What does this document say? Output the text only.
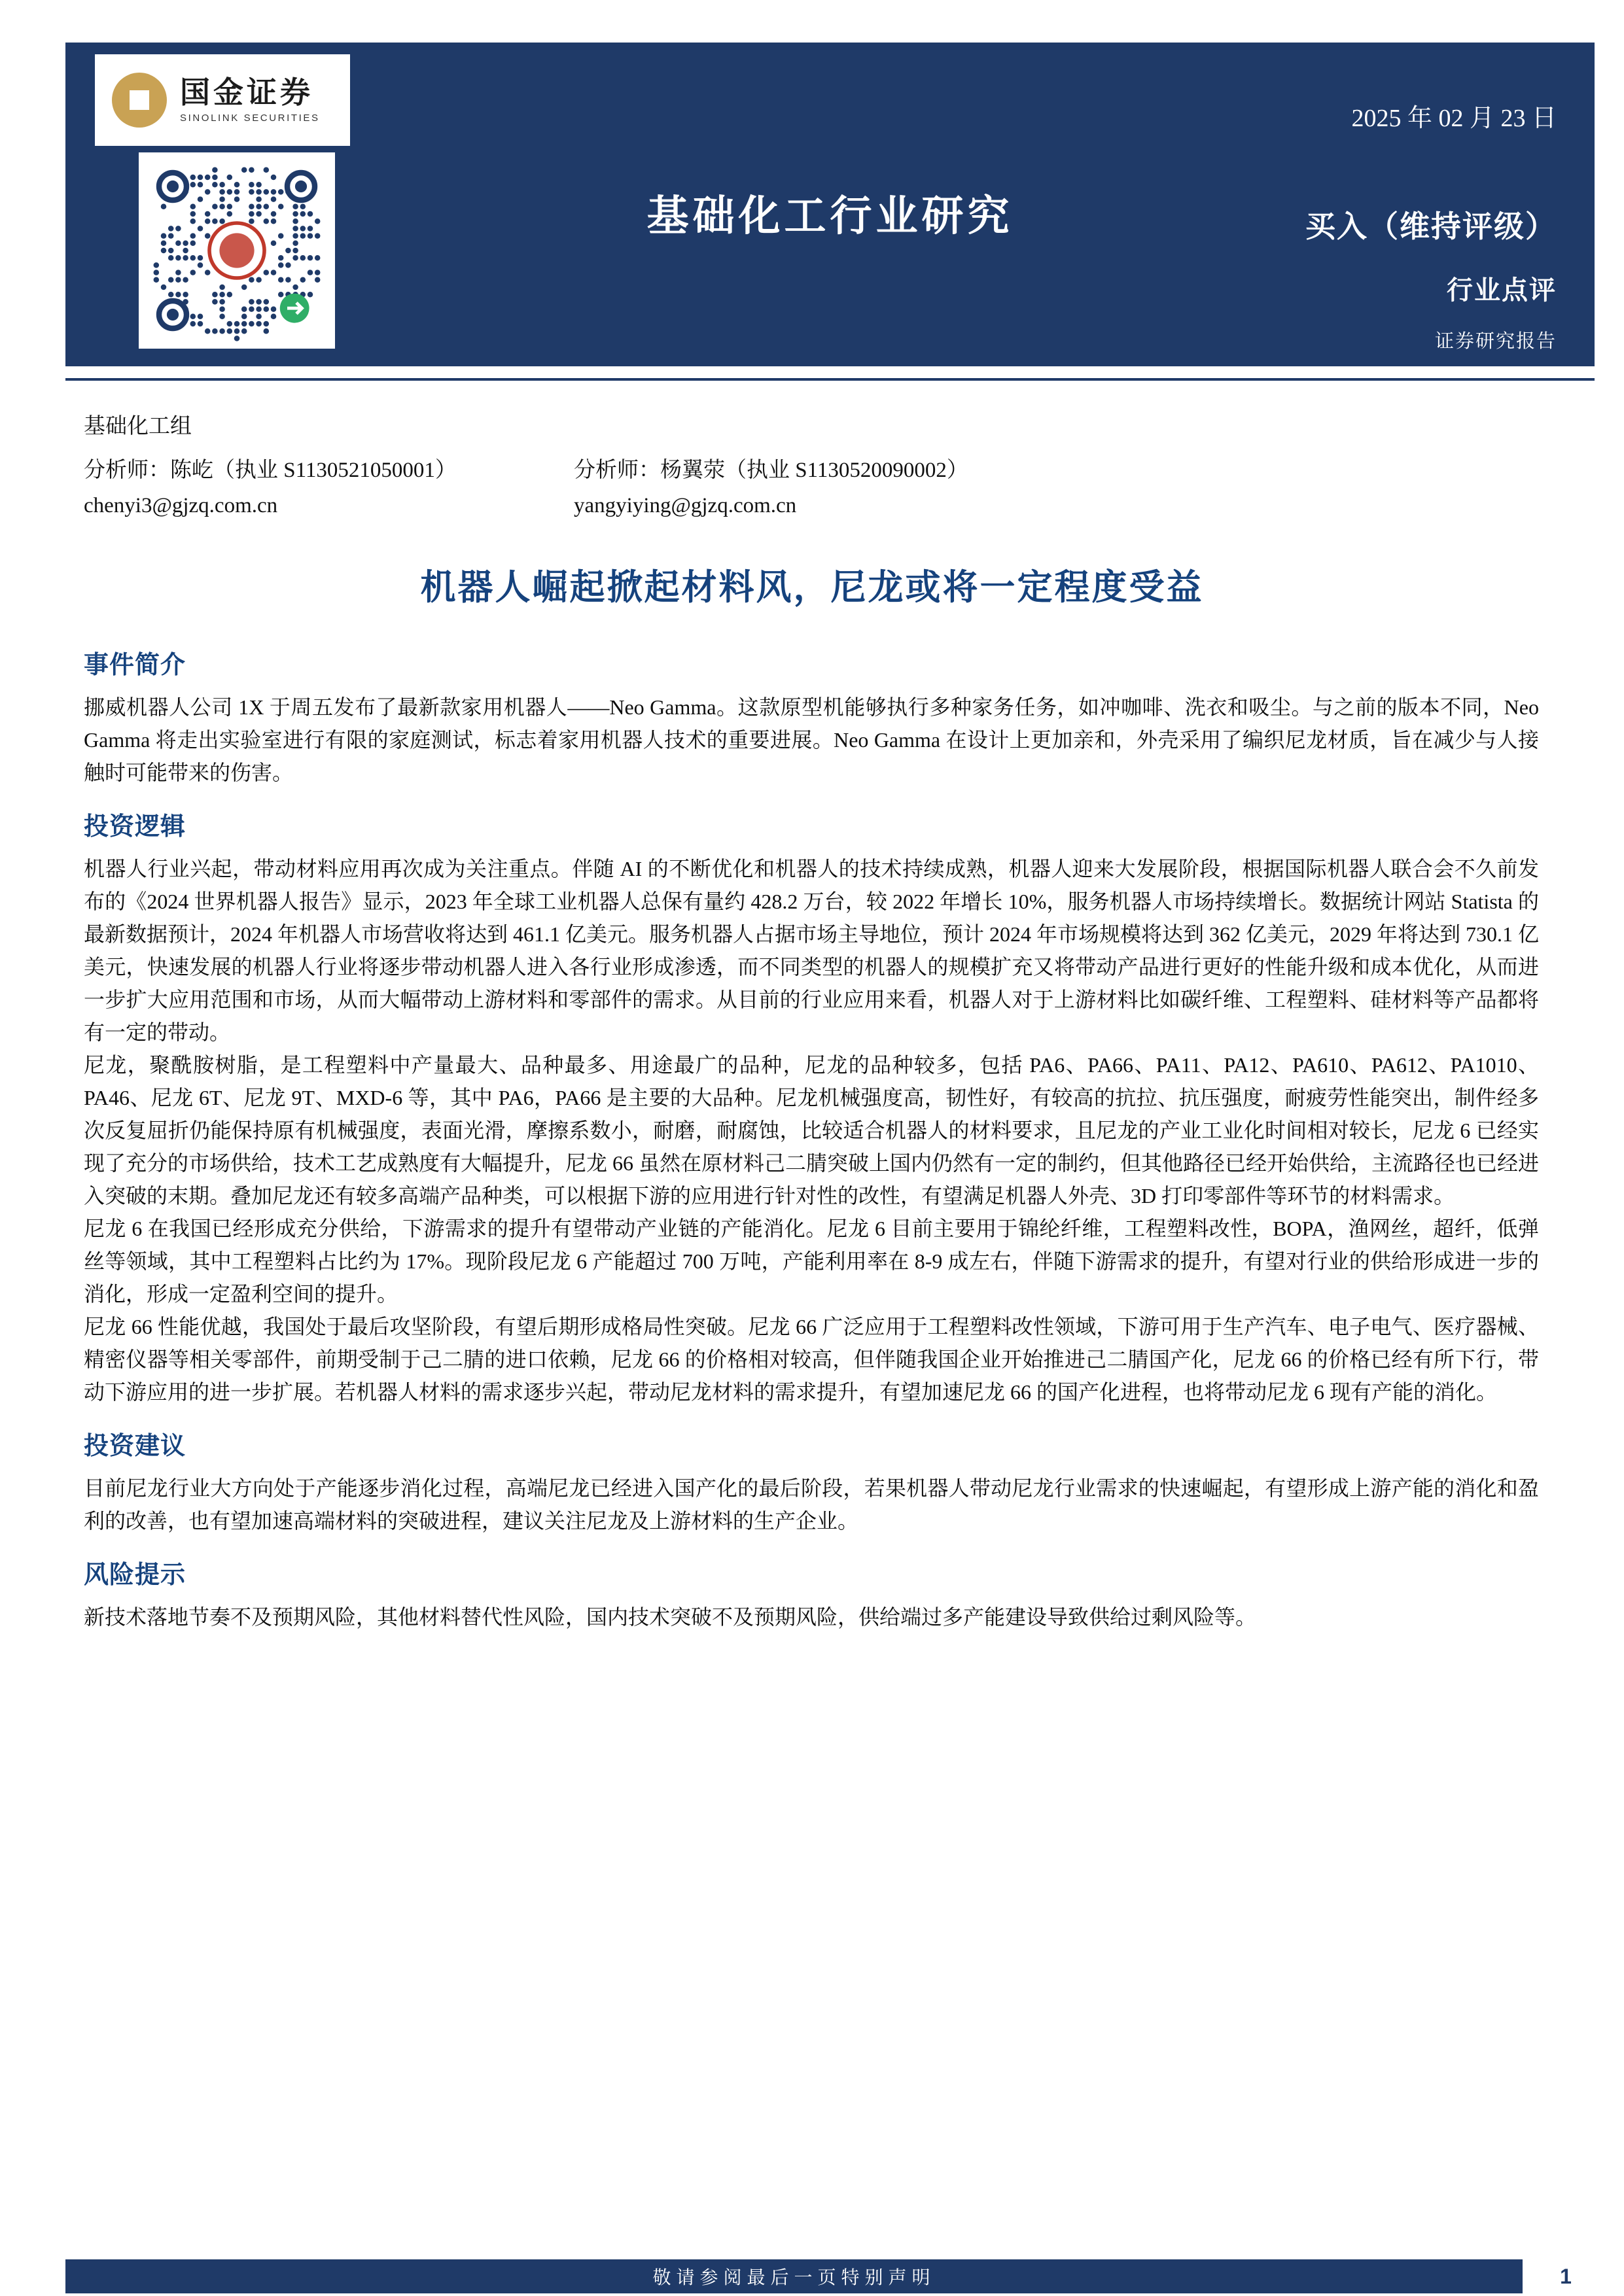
国金证券
SINOLINK SECURITIES	2025 年 02 月 23 日
基础化工行业研究	买入（维持评级）
行业点评
证券研究报告
基础化工组
分析师：陈屹（执业 S1130521050001）
chenyi3@gjzq.com.cn
分析师：杨翼荥（执业 S1130520090002）
yangyiying@gjzq.com.cn
机器人崛起掀起材料风，尼龙或将一定程度受益
事件简介

挪威机器人公司 1X 于周五发布了最新款家用机器人——Neo Gamma。这款原型机能够执行多种家务任务，如冲咖啡、洗衣和吸尘。与之前的版本不同，Neo Gamma 将走出实验室进行有限的家庭测试，标志着家用机器人技术的重要进展。Neo Gamma 在设计上更加亲和，外壳采用了编织尼龙材质，旨在减少与人接触时可能带来的伤害。

投资逻辑

机器人行业兴起，带动材料应用再次成为关注重点。伴随 AI 的不断优化和机器人的技术持续成熟，机器人迎来大发展阶段，根据国际机器人联合会不久前发布的《2024 世界机器人报告》显示，2023 年全球工业机器人总保有量约 428.2 万台，较 2022 年增长 10%，服务机器人市场持续增长。数据统计网站 Statista 的最新数据预计，2024 年机器人市场营收将达到 461.1 亿美元。服务机器人占据市场主导地位，预计 2024 年市场规模将达到 362 亿美元，2029 年将达到 730.1 亿美元，快速发展的机器人行业将逐步带动机器人进入各行业形成渗透，而不同类型的机器人的规模扩充又将带动产品进行更好的性能升级和成本优化，从而进一步扩大应用范围和市场，从而大幅带动上游材料和零部件的需求。从目前的行业应用来看，机器人对于上游材料比如碳纤维、工程塑料、硅材料等产品都将有一定的带动。

尼龙，聚酰胺树脂，是工程塑料中产量最大、品种最多、用途最广的品种，尼龙的品种较多，包括 PA6、PA66、PA11、PA12、PA610、PA612、PA1010、PA46、尼龙 6T、尼龙 9T、MXD-6 等，其中 PA6，PA66 是主要的大品种。尼龙机械强度高，韧性好，有较高的抗拉、抗压强度，耐疲劳性能突出，制件经多次反复屈折仍能保持原有机械强度，表面光滑，摩擦系数小，耐磨，耐腐蚀，比较适合机器人的材料要求，且尼龙的产业工业化时间相对较长，尼龙 6 已经实现了充分的市场供给，技术工艺成熟度有大幅提升，尼龙 66 虽然在原材料己二腈突破上国内仍然有一定的制约，但其他路径已经开始供给，主流路径也已经进入突破的末期。叠加尼龙还有较多高端产品种类，可以根据下游的应用进行针对性的改性，有望满足机器人外壳、3D 打印零部件等环节的材料需求。

尼龙 6 在我国已经形成充分供给，下游需求的提升有望带动产业链的产能消化。尼龙 6 目前主要用于锦纶纤维，工程塑料改性，BOPA，渔网丝，超纤，低弹丝等领域，其中工程塑料占比约为 17%。现阶段尼龙 6 产能超过 700 万吨，产能利用率在 8-9 成左右，伴随下游需求的提升，有望对行业的供给形成进一步的消化，形成一定盈利空间的提升。

尼龙 66 性能优越，我国处于最后攻坚阶段，有望后期形成格局性突破。尼龙 66 广泛应用于工程塑料改性领域，下游可用于生产汽车、电子电气、医疗器械、精密仪器等相关零部件，前期受制于己二腈的进口依赖，尼龙 66 的价格相对较高，但伴随我国企业开始推进己二腈国产化，尼龙 66 的价格已经有所下行，带动下游应用的进一步扩展。若机器人材料的需求逐步兴起，带动尼龙材料的需求提升，有望加速尼龙 66 的国产化进程，也将带动尼龙 6 现有产能的消化。

投资建议

目前尼龙行业大方向处于产能逐步消化过程，高端尼龙已经进入国产化的最后阶段，若果机器人带动尼龙行业需求的快速崛起，有望形成上游产能的消化和盈利的改善，也有望加速高端材料的突破进程，建议关注尼龙及上游材料的生产企业。

风险提示

新技术落地节奏不及预期风险，其他材料替代性风险，国内技术突破不及预期风险，供给端过多产能建设导致供给过剩风险等。

敬请参阅最后一页特别声明	1
